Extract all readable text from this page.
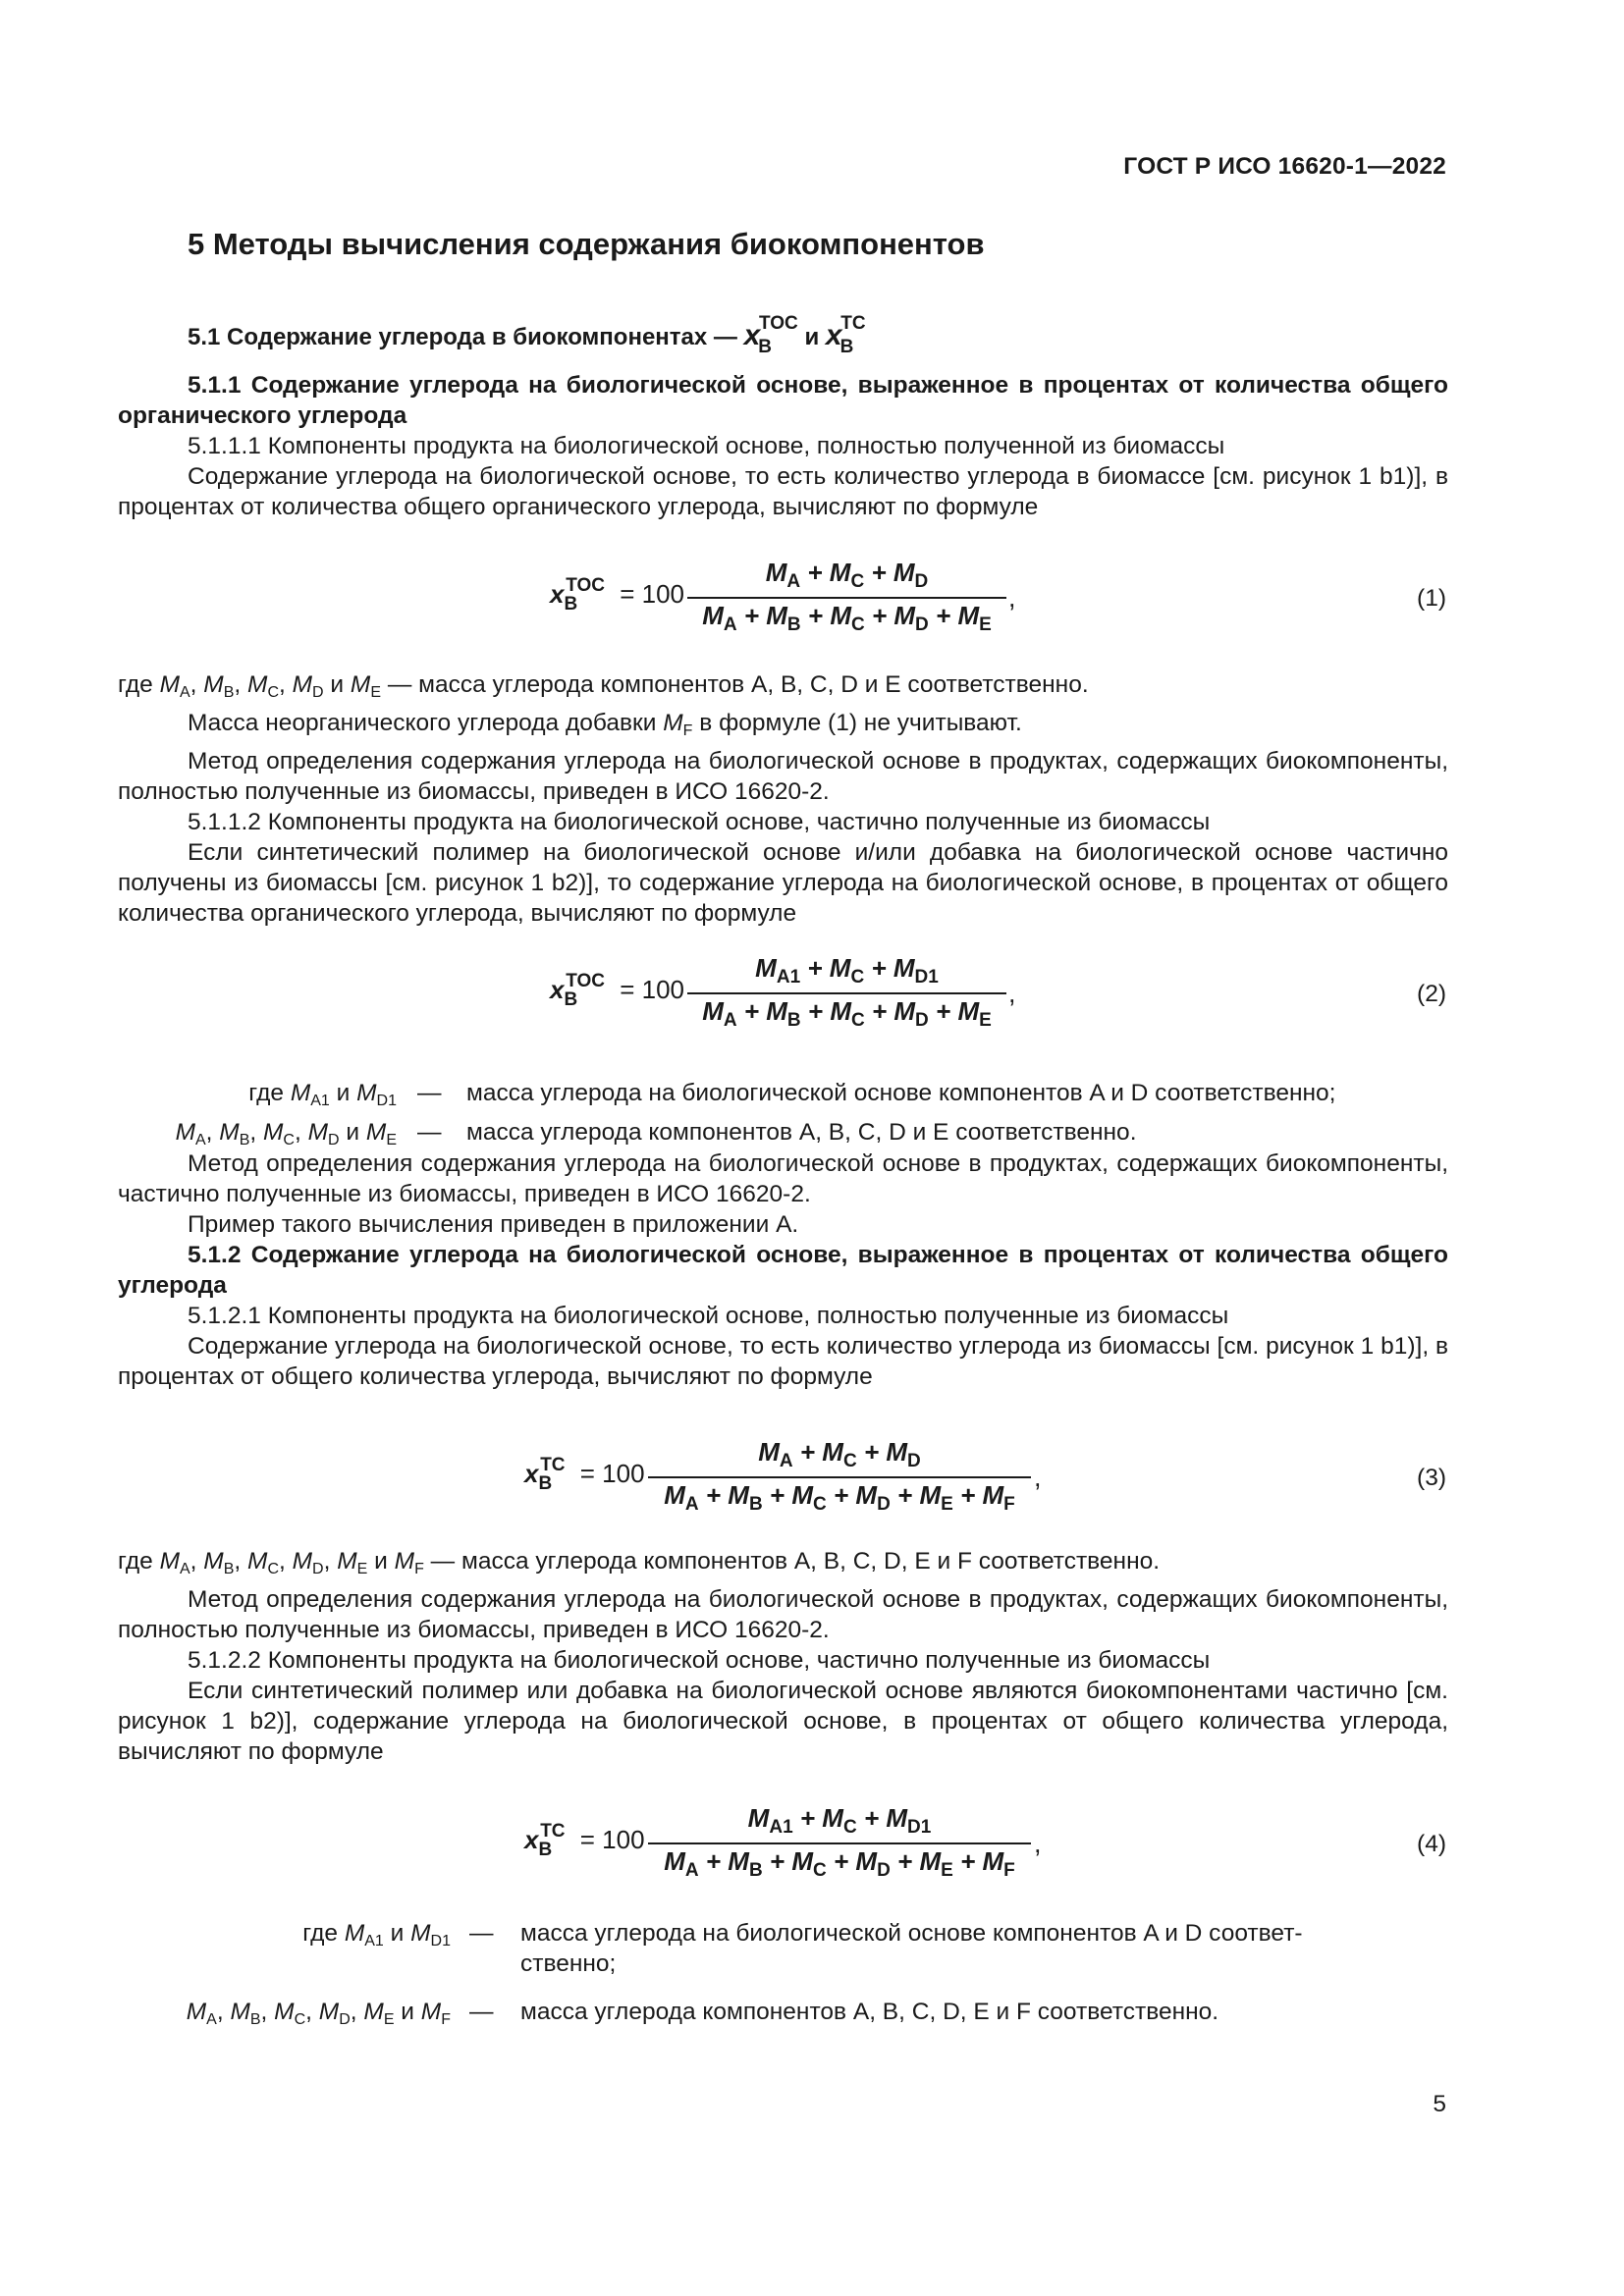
ГОСТ Р ИСО 16620-1—2022
5 Методы вычисления содержания биокомпонентов
5.1 Содержание углерода в биокомпонентах — $x_B^{TOC}$ и $x_B^{TC}$

5.1.1 Содержание углерода на биологической основе, выраженное в процентах от количества общего органического углерода

5.1.1.1 Компоненты продукта на биологической основе, полностью полученной из биомассы

Содержание углерода на биологической основе, то есть количество углерода в биомассе [см. рисунок 1 b1)], в процентах от количества общего органического углерода, вычисляют по формуле

$x_B^{TOC} = 100 \frac{M_A + M_C + M_D}{M_A + M_B + M_C + M_D + M_E}$ ,	(1)

где $M_A$, $M_B$, $M_C$, $M_D$ и $M_E$ — масса углерода компонентов A, B, C, D и E соответственно.

Масса неорганического углерода добавки $M_F$ в формуле (1) не учитывают.

Метод определения содержания углерода на биологической основе в продуктах, содержащих биокомпоненты, полностью полученные из биомассы, приведен в ИСО 16620-2.

5.1.1.2 Компоненты продукта на биологической основе, частично полученные из биомассы

Если синтетический полимер на биологической основе и/или добавка на биологической основе частично получены из биомассы [см. рисунок 1 b2)], то содержание углерода на биологической основе, в процентах от общего количества органического углерода, вычисляют по формуле

$x_B^{TOC} = 100 \frac{M_{A1} + M_C + M_{D1}}{M_A + M_B + M_C + M_D + M_E}$ ,	(2)
где $M_{A1}$ и $M_{D1}$ — масса углерода на биологической основе компонентов A и D соответственно;
$M_A$, $M_B$, $M_C$, $M_D$ и $M_E$ — масса углерода компонентов A, B, C, D и E соответственно.

Метод определения содержания углерода на биологической основе в продуктах, содержащих биокомпоненты, частично полученные из биомассы, приведен в ИСО 16620-2.

Пример такого вычисления приведен в приложении А.

5.1.2 Содержание углерода на биологической основе, выраженное в процентах от количества общего углерода

5.1.2.1 Компоненты продукта на биологической основе, полностью полученные из биомассы

Содержание углерода на биологической основе, то есть количество углерода из биомассы [см. рисунок 1 b1)], в процентах от общего количества углерода, вычисляют по формуле

$x_B^{TC} = 100 \frac{M_A + M_C + M_D}{M_A + M_B + M_C + M_D + M_E + M_F}$ ,	(3)

где $M_A$, $M_B$, $M_C$, $M_D$, $M_E$ и $M_F$ — масса углерода компонентов A, B, C, D, E и F соответственно.

Метод определения содержания углерода на биологической основе в продуктах, содержащих биокомпоненты, полностью полученные из биомассы, приведен в ИСО 16620-2.

5.1.2.2 Компоненты продукта на биологической основе, частично полученные из биомассы

Если синтетический полимер или добавка на биологической основе являются биокомпонентами частично [см. рисунок 1 b2)], содержание углерода на биологической основе, в процентах от общего количества углерода, вычисляют по формуле

$x_B^{TC} = 100 \frac{M_{A1} + M_C + M_{D1}}{M_A + M_B + M_C + M_D + M_E + M_F}$ ,	(4)
где $M_{A1}$ и $M_{D1}$ — масса углерода на биологической основе компонентов A и D соответ-
ственно;
$M_A$, $M_B$, $M_C$, $M_D$, $M_E$ и $M_F$ — масса углерода компонентов A, B, C, D, E и F соответственно.
5
